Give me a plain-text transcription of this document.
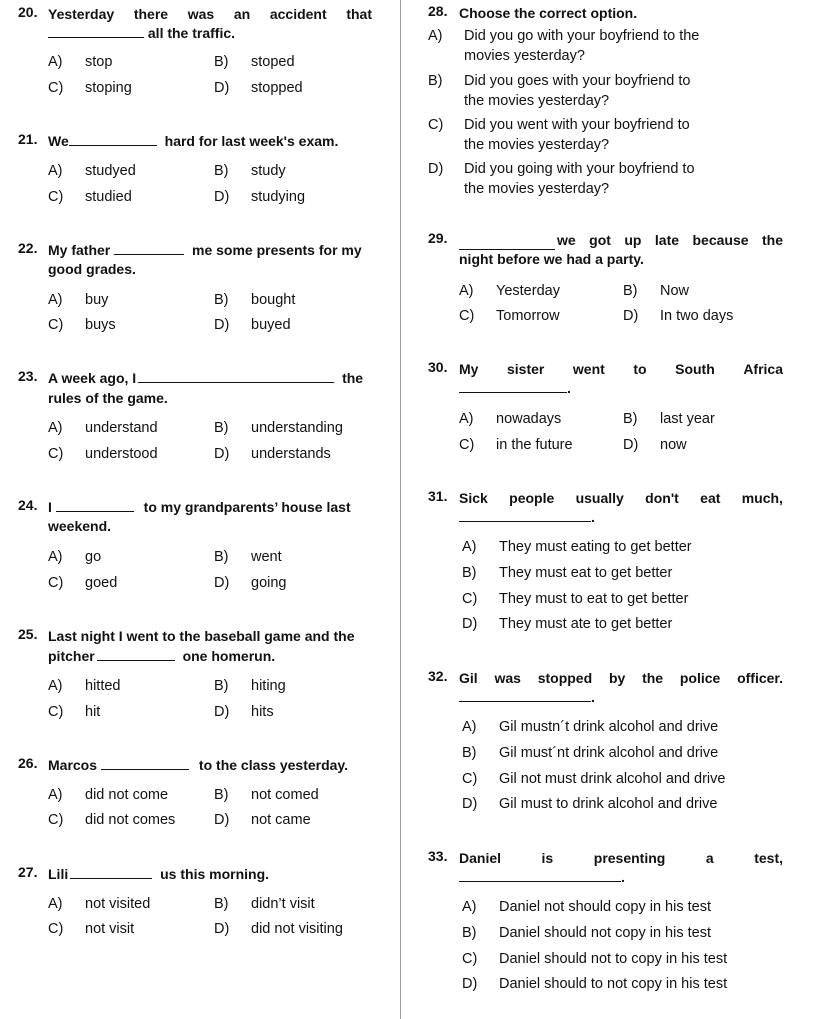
20. Yesterday there was an accident that
all the traffic.
A) stop	B) stoped
C) stoping	D) stopped
21. We	hard for last week's exam.
A) studyed	B) study
C) studied	D) studying
22. My father	me some presents for my
good grades.
A) buy	B) bought
C) buys	D) buyed
23. A week ago, I	the
rules of the game.
A) understand	B) understanding
C) understood	D) understands
24. I	to my grandparents’ house last
weekend.
A) go	B) went
C) goed	D) going
25. Last night I went to the baseball game and the
pitcher	one homerun.
A) hitted	B) hiting
C) hit	D) hits
26. Marcos	to the class yesterday.
A) did not come	B) not comed
C) did not comes	D) not came
27. Lili	us this morning.
A) not visited	B) didn’t visit
C) not visit	D) did not visiting
28. Choose the correct option.
A) Did you go with your boyfriend to the
movies yesterday?
B) Did you goes with your boyfriend to
the movies yesterday?
C) Did you went with your boyfriend to
the movies yesterday?
D) Did you going with your boyfriend to
the movies yesterday?
29.	we got up late because the
night before we had a party.
A) Yesterday	B) Now
C) Tomorrow	D) In two days
30. My sister went to South Africa
.
A) nowadays	B) last year
C) in the future	D) now
31. Sick people usually don't eat much,
.
A) They must eating to get better
B) They must eat to get better
C) They must to eat to get better
D) They must ate to get better
32. Gil was stopped by the police officer.
.
A) Gil mustn´t drink alcohol and drive
B) Gil must´nt drink alcohol and drive
C) Gil not must drink alcohol and drive
D) Gil must to drink alcohol and drive
33. Daniel	is	presenting	a	test,
.
A) Daniel not should copy in his test
B) Daniel should not copy in his test
C) Daniel should not to copy in his test
D) Daniel should to not copy in his test
